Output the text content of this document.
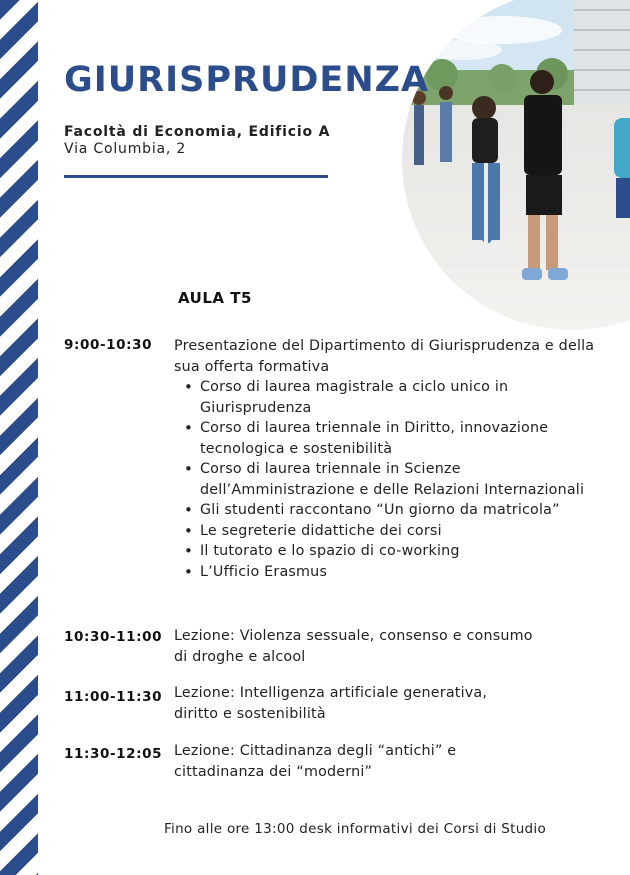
GIURISPRUDENZA
Facoltà di Economia, Edificio A
Via Columbia, 2
AULA T5
9:00-10:30 Presentazione del Dipartimento di Giurisprudenza e della sua offerta formativa

• Corso di laurea magistrale a ciclo unico in Giurisprudenza
• Corso di laurea triennale in Diritto, innovazione tecnologica e sostenibilità
• Corso di laurea triennale in Scienze dell’Amministrazione e delle Relazioni Internazionali
• Gli studenti raccontano “Un giorno da matricola”
• Le segreterie didattiche dei corsi
• Il tutorato e lo spazio di co-working
• L’Ufficio Erasmus
10:30-11:00 Lezione: Violenza sessuale, consenso e consumo

di droghe e alcool

11:00-11:30 Lezione: Intelligenza artificiale generativa,

diritto e sostenibilità

11:30-12:05 Lezione: Cittadinanza degli “antichi” e

cittadinanza dei “moderni”

Fino alle ore 13:00 desk informativi dei Corsi di Studio
